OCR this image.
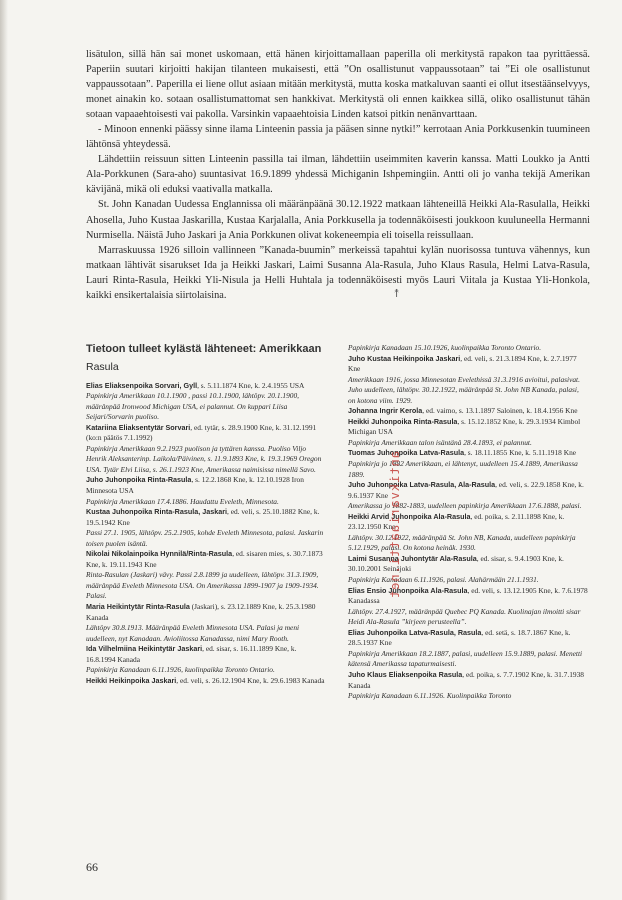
lisätulon, sillä hän sai monet uskomaan, että hänen kirjoittamallaan paperilla oli merkitystä rapakon taa pyrittäessä. Paperiin suutari kirjoitti hakijan tilanteen mukaisesti, että ”On osallistunut vappaussotaan” tai ”Ei ole osallistunut vappaussotaan”. Paperilla ei liene ollut asiaan mitään merkitystä, mutta koska matkaluvan saanti ei ollut itsestäänselvyys, monet ainakin ko. sotaan osallistumattomat sen hankkivat. Merkitystä oli ennen kaikkea sillä, oliko osallistunut tähän sotaan vapaaehtoisesti vai pakolla. Varsinkin vapaaehtoisia Linden katsoi pitkin nenänvarttaan.

- Minoon ennenki päässy sinne ilama Linteenin passia ja pääsen sinne nytki!” kerrotaan Ania Porkkusenkin tuumineen lähtönsä yhteydessä.

Lähdettiin reissuun sitten Linteenin passilla tai ilman, lähdettiin useimmiten kaverin kanssa. Matti Loukko ja Antti Ala-Porkkunen (Sara-aho) suuntasivat 16.9.1899 yhdessä Michiganin Ishpemingiin. Antti oli jo vanha tekijä Amerikan kävijänä, mikä oli eduksi vaativalla matkalla.

St. John Kanadan Uudessa Englannissa oli määränpäänä 30.12.1922 matkaan lähteneillä Heikki Ala-Rasulalla, Heikki Ahosella, Juho Kustaa Jaskarilla, Kustaa Karjalalla, Ania Porkkusella ja todennäköisesti joukkoon kuuluneella Hermanni Nurmisella. Näistä Juho Jaskari ja Ania Porkkunen olivat kokeneempia eli toisella reissullaan.

Marraskuussa 1926 silloin vallinneen ”Kanada-buumin” merkeissä tapahtui kylän nuorisossa tuntuva vähennys, kun matkaan lähtivät sisarukset Ida ja Heikki Jaskari, Laimi Susanna Ala-Rasula, Juho Klaus Rasula, Helmi Latva-Rasula, Lauri Rinta-Rasula, Heikki Yli-Nisula ja Helli Huhtala ja todennäköisesti myös Lauri Viitala ja Kustaa Yli-Honkola, kaikki ensikertalaisia siirtolaisina.	↟
Tietoon tulleet kylästä lähteneet: Amerikkaan
Rasula

Elias Eliaksenpoika Sorvari, Gyll, s. 5.11.1874 Kne, k. 2.4.1955 USA
Papinkirja Amerikkaan 10.1.1900 , passi 10.1.1900, lähtöpv. 20.1.1900, määränpää Ironwood Michigan USA, ei palannut. On kuppari Liisa Seijari/Sorvarin puoliso.

Katariina Eliaksentytär Sorvari, ed. tytär, s. 28.9.1900 Kne, k. 31.12.1991 (ko:n päätös 7.1.1992)
Papinkirja Amerikkaan 9.2.1923 puolison ja tyttären kanssa. Puoliso Viljo Henrik Aleksanterinp. Laikola/Päivinen, s. 11.9.1893 Kne, k. 19.3.1969 Oregon USA. Tytär Elvi Liisa, s. 26.1.1923 Kne, Amerikassa naimisissa nimellä Savo.

Juho Juhonpoika Rinta-Rasula, s. 12.2.1868 Kne, k. 12.10.1928 Iron Minnesota USA
Papinkirja Amerikkaan 17.4.1886. Haudattu Eveleth, Minnesota.

Kustaa Juhonpoika Rinta-Rasula, Jaskari, ed. veli, s. 25.10.1882 Kne, k. 19.5.1942 Kne
Passi 27.1. 1905, lähtöpv. 25.2.1905, kohde Eveleth Minnesota, palasi. Jaskarin toisen puolen isäntä.

Nikolai Nikolainpoika Hynnilä/Rinta-Rasula, ed. sisaren mies, s. 30.7.1873 Kne, k. 19.11.1943 Kne
Rinta-Rasulan (Jaskari) vävy. Passi 2.8.1899 ja uudelleen, lähtöpv. 31.3.1909, määränpää Eveleth Minnesota USA. On Amerikassa 1899-1907 ja 1909-1934. Palasi.

Maria Heikintytär Rinta-Rasula (Jaskari), s. 23.12.1889 Kne, k. 25.3.1980 Kanada
Lähtöpv 30.8.1913. Määränpää Eveleth Minnesota USA. Palasi ja meni uudelleen, nyt Kanadaan. Avioliitossa Kanadassa, nimi Mary Rooth.

Ida Vilhelmiina Heikintytär Jaskari, ed. sisar, s. 16.11.1899 Kne, k. 16.8.1994 Kanada
Papinkirja Kanadaan 6.11.1926, kuolinpaikka Toronto Ontario.

Heikki Heikinpoika Jaskari, ed. veli, s. 26.12.1904 Kne, k. 29.6.1983 Kanada

Papinkirja Kanadaan 15.10.1926, kuolinpaikka Toronto Ontario.

Juho Kustaa Heikinpoika Jaskari, ed. veli, s. 21.3.1894 Kne, k. 2.7.1977 Kne
Amerikkaan 1916, jossa Minnesotan Evelethissä 31.3.1916 avioitui, palasivat. Juho uudelleen, lähtöpv. 30.12.1922, määränpää St. John NB Kanada, palasi, on kotona viim. 1929.

Johanna Ingrir Kerola, ed. vaimo, s. 13.1.1897 Saloinen, k. 18.4.1956 Kne

Heikki Juhonpoika Rinta-Rasula, s. 15.12.1852 Kne, k. 29.3.1934 Kimbol Michigan USA
Papinkirja Amerikkaan talon isäntänä 28.4.1893, ei palannut.

Tuomas Juhonpoika Latva-Rasula, s. 18.11.1855 Kne, k. 5.11.1918 Kne
Papinkirja jo 1882 Amerikkaan, ei lähtenyt, uudelleen 15.4.1889, Amerikassa 1889.

Juho Juhonpoika Latva-Rasula, Ala-Rasula, ed. veli, s. 22.9.1858 Kne, k. 9.6.1937 Kne
Amerikassa jo 1882-1883, uudelleen papinkirja Amerikkaan 17.6.1888, palasi.

Heikki Arvid Juhonpoika Ala-Rasula, ed. poika, s. 2.11.1898 Kne, k. 23.12.1950 Kne
Lähtöpv. 30.12.1922, määränpää St. John NB, Kanada, uudelleen papinkirja 5.12.1929, palasi. On kotona heinäk. 1930.

Laimi Susanna Juhontytär Ala-Rasula, ed. sisar, s. 9.4.1903 Kne, k. 30.10.2001 Seinäjoki
Papinkirja Kanadaan 6.11.1926, palasi. Alahärmään 21.1.1931.

Elias Ensio Juhonpoika Ala-Rasula, ed. veli, s. 13.12.1905 Kne, k. 7.6.1978 Kanadassa
Lähtöpv. 27.4.1927, määränpää Quebec PQ Kanada. Kuolinajan ilmoitti sisar Heidi Ala-Rasula ”kirjeen perusteella”.

Elias Juhonpoika Latva-Rasula, Rasula, ed. setä, s. 18.7.1867 Kne, k. 28.5.1937 Kne
Papinkirja Amerikkaan 18.2.1887, palasi, uudelleen 15.9.1889, palasi. Menetti kätensä Amerikassa tapaturmaisesti.

Juho Klaus Eliaksenpoika Rasula, ed. poika, s. 7.7.1902 Kne, k. 31.7.1938 Kanada
Papinkirja Kanadaan 6.11.1926. Kuolinpaikka Toronto

antikvariaatti.net
66
